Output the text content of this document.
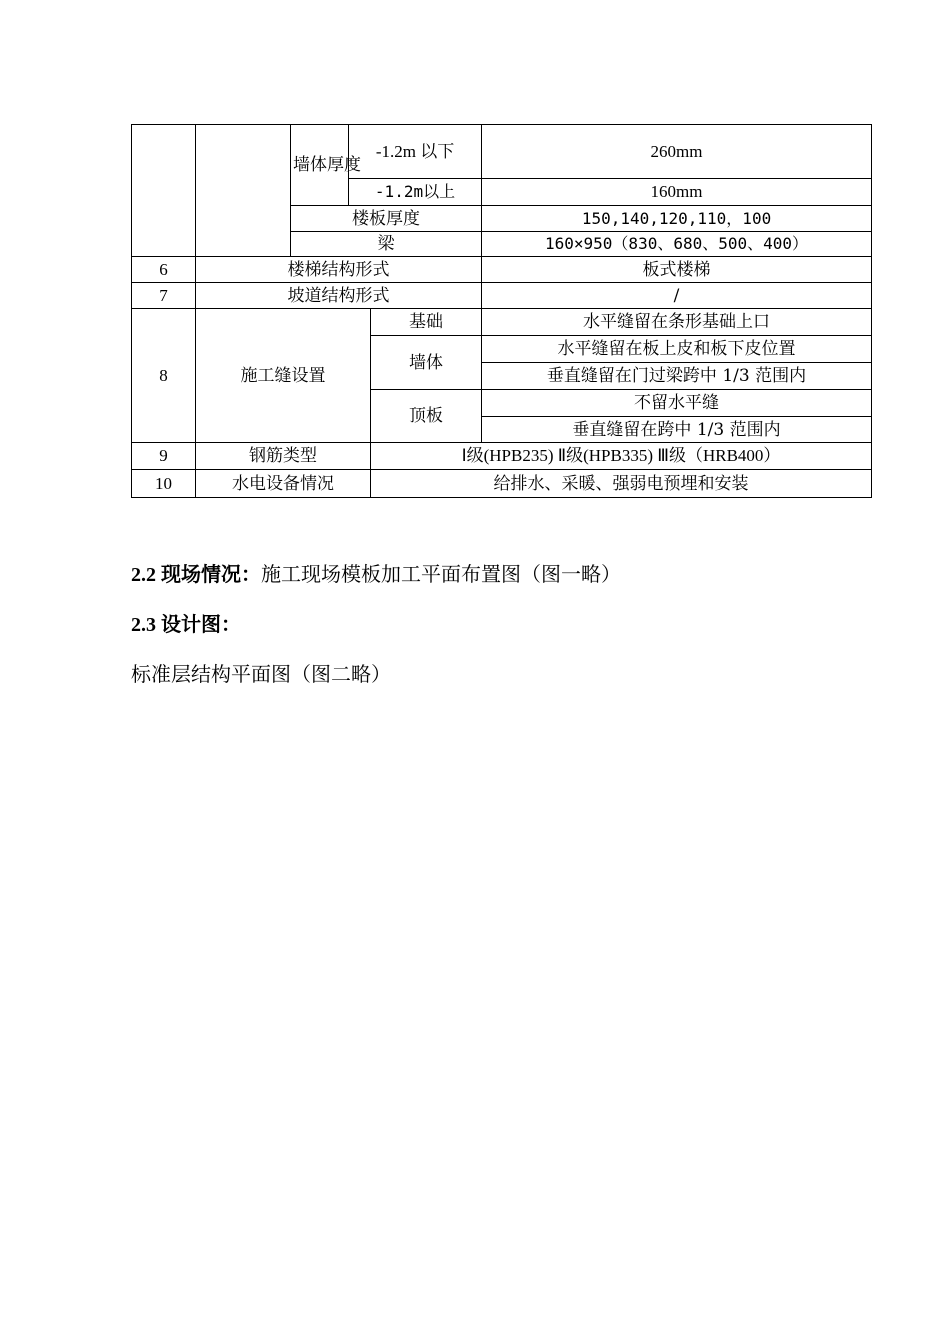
		墙体厚度	-1.2m 以下		260mm
			-1.2m以上		160mm
		楼板厚度			150,140,120,110，100
		梁			160×950（830、680、500、400）
6	楼梯结构形式				板式楼梯
7	坡道结构形式				/
8	施工缝设置			基础	水平缝留在条形基础上口
				墙体	水平缝留在板上皮和板下皮位置
					垂直缝留在门过梁跨中 1/3 范围内
				顶板	不留水平缝
					垂直缝留在跨中 1/3 范围内
9	钢筋类型			Ⅰ级(HPB235) Ⅱ级(HPB335) Ⅲ级（HRB400）	
10	水电设备情况			给排水、采暖、强弱电预埋和安装	
2.2 现场情况：施工现场模板加工平面布置图（图一略）
2.3 设计图：
标准层结构平面图（图二略）
